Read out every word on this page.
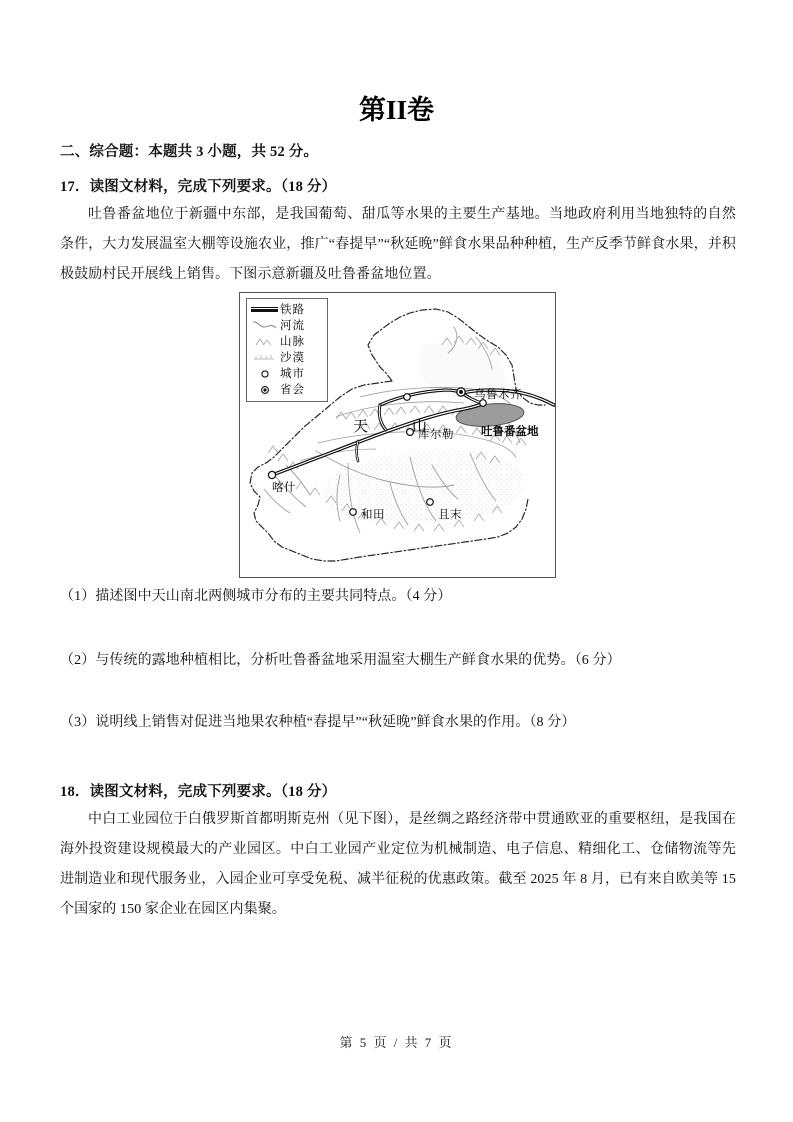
第II卷
二、综合题：本题共 3 小题，共 52 分。
17．读图文材料，完成下列要求。（18 分）
吐鲁番盆地位于新疆中东部，是我国葡萄、甜瓜等水果的主要生产基地。当地政府利用当地独特的自然条件，大力发展温室大棚等设施农业，推广“春提早”“秋延晚”鲜食水果品种种植，生产反季节鲜食水果，并积极鼓励村民开展线上销售。下图示意新疆及吐鲁番盆地位置。
铁路
河流
山脉
沙漠
城市
省会	乌鲁木齐
吐鲁番盆地
库尔勒
喀什
和田	且末
天	山
（1）描述图中天山南北两侧城市分布的主要共同特点。（4 分）
（2）与传统的露地种植相比，分析吐鲁番盆地采用温室大棚生产鲜食水果的优势。（6 分）
（3）说明线上销售对促进当地果农种植“春提早”“秋延晚”鲜食水果的作用。（8 分）
18．读图文材料，完成下列要求。（18 分）
中白工业园位于白俄罗斯首都明斯克州（见下图），是丝绸之路经济带中贯通欧亚的重要枢纽，是我国在海外投资建设规模最大的产业园区。中白工业园产业定位为机械制造、电子信息、精细化工、仓储物流等先进制造业和现代服务业，入园企业可享受免税、减半征税的优惠政策。截至 2025 年 8 月，已有来自欧美等 15 个国家的 150 家企业在园区内集聚。
第 5 页 / 共 7 页
